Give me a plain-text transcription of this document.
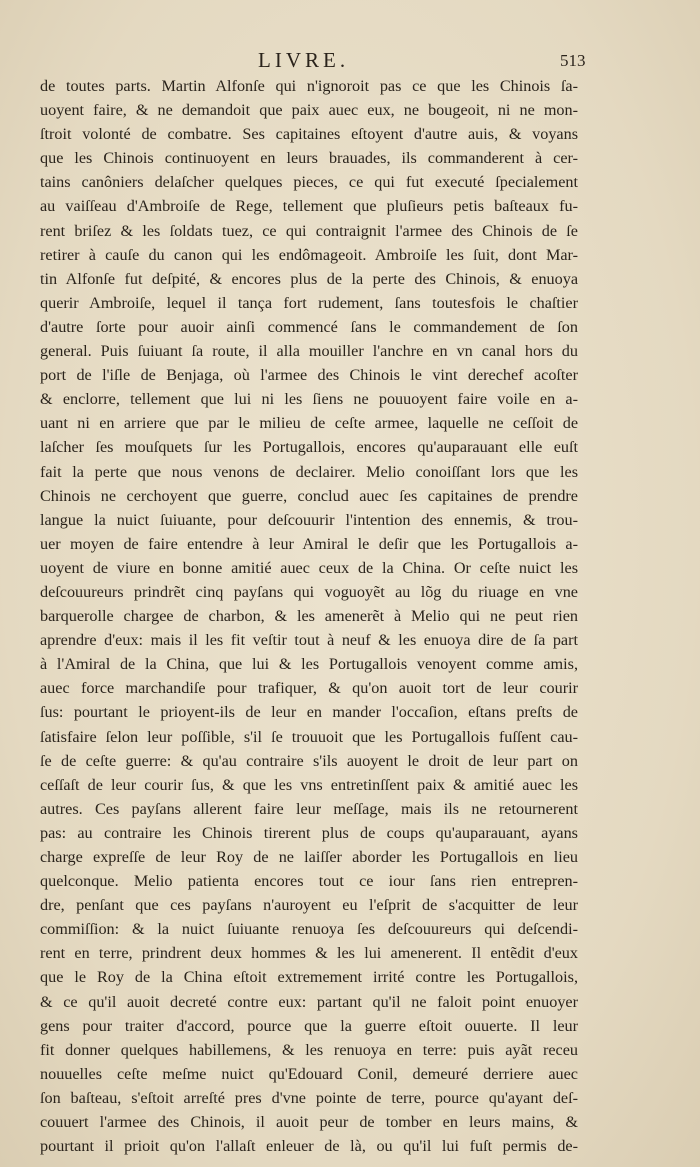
LIVRE.	513
de toutes parts. Martin Alfonſe qui n'ignoroit pas ce que les Chinois ſa-
uoyent faire, & ne demandoit que paix auec eux, ne bougeoit, ni ne mon-
ſtroit volonté de combatre. Ses capitaines eſtoyent d'autre auis, & voyans
que les Chinois continuoyent en leurs brauades, ils commanderent à cer-
tains canôniers delaſcher quelques pieces, ce qui fut executé ſpecialement
au vaiſſeau d'Ambroiſe de Rege, tellement que pluſieurs petis baſteaux fu-
rent briſez & les ſoldats tuez, ce qui contraignit l'armee des Chinois de ſe
retirer à cauſe du canon qui les endômageoit. Ambroiſe les ſuit, dont Mar-
tin Alfonſe fut deſpité, & encores plus de la perte des Chinois, & enuoya
querir Ambroiſe, lequel il tança fort rudement, ſans toutesfois le chaſtier
d'autre ſorte pour auoir ainſi commencé ſans le commandement de ſon
general. Puis ſuiuant ſa route, il alla mouiller l'anchre en vn canal hors du
port de l'iſle de Benjaga, où l'armee des Chinois le vint derechef acoſter
& enclorre, tellement que lui ni les ſiens ne pouuoyent faire voile en a-
uant ni en arriere que par le milieu de ceſte armee, laquelle ne ceſſoit de
laſcher ſes mouſquets ſur les Portugallois, encores qu'auparauant elle euſt
fait la perte que nous venons de declairer. Melio conoiſſant lors que les
Chinois ne cerchoyent que guerre, conclud auec ſes capitaines de prendre
langue la nuict ſuiuante, pour deſcouurir l'intention des ennemis, & trou-
uer moyen de faire entendre à leur Amiral le deſir que les Portugallois a-
uoyent de viure en bonne amitié auec ceux de la China. Or ceſte nuict les
deſcouureurs prindrẽt cinq payſans qui voguoyẽt au lõg du riuage en vne
barquerolle chargee de charbon, & les amenerẽt à Melio qui ne peut rien
aprendre d'eux: mais il les fit veſtir tout à neuf & les enuoya dire de ſa part
à l'Amiral de la China, que lui & les Portugallois venoyent comme amis,
auec force marchandiſe pour trafiquer, & qu'on auoit tort de leur courir
ſus: pourtant le prioyent-ils de leur en mander l'occaſion, eſtans preſts de
ſatisfaire ſelon leur poſſible, s'il ſe trouuoit que les Portugallois fuſſent cau-
ſe de ceſte guerre: & qu'au contraire s'ils auoyent le droit de leur part on
ceſſaſt de leur courir ſus, & que les vns entretinſſent paix & amitié auec les
autres. Ces payſans allerent faire leur meſſage, mais ils ne retournerent
pas: au contraire les Chinois tirerent plus de coups qu'auparauant, ayans
charge expreſſe de leur Roy de ne laiſſer aborder les Portugallois en lieu
quelconque. Melio patienta encores tout ce iour ſans rien entrepren-
dre, penſant que ces payſans n'auroyent eu l'eſprit de s'acquitter de leur
commiſſion: & la nuict ſuiuante renuoya ſes deſcouureurs qui deſcendi-
rent en terre, prindrent deux hommes & les lui amenerent. Il entẽdit d'eux
que le Roy de la China eſtoit extremement irrité contre les Portugallois,
& ce qu'il auoit decreté contre eux: partant qu'il ne faloit point enuoyer
gens pour traiter d'accord, pource que la guerre eſtoit ouuerte. Il leur
fit donner quelques habillemens, & les renuoya en terre: puis ayãt receu
nouuelles ceſte meſme nuict qu'Edouard Conil, demeuré derriere auec
ſon baſteau, s'eſtoit arreſté pres d'vne pointe de terre, pource qu'ayant deſ-
couuert l'armee des Chinois, il auoit peur de tomber en leurs mains, &
pourtant il prioit qu'on l'allaſt enleuer de là, ou qu'il lui fuſt permis de-
